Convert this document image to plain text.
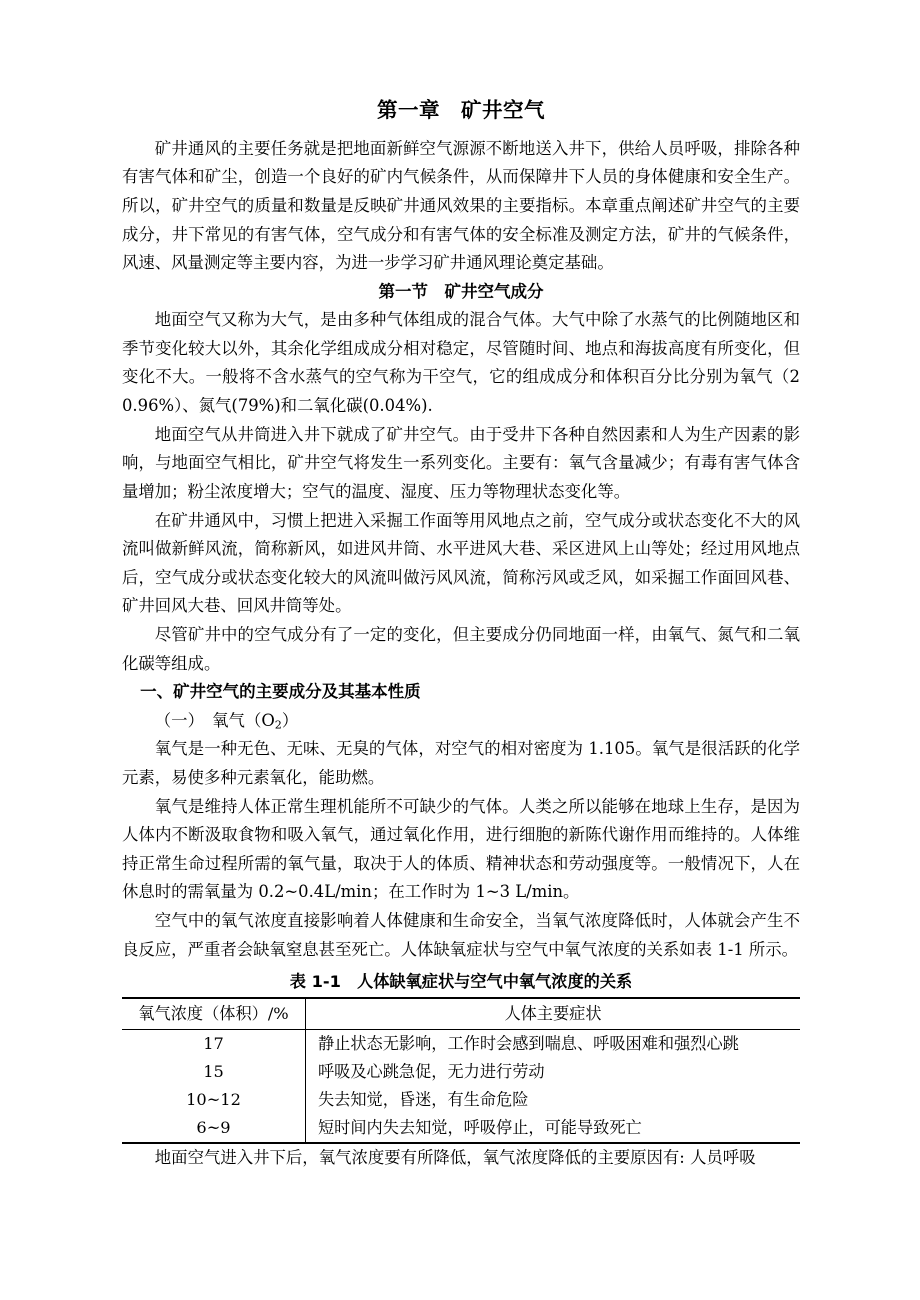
第一章　矿井空气

矿井通风的主要任务就是把地面新鲜空气源源不断地送入井下，供给人员呼吸，排除各种有害气体和矿尘，创造一个良好的矿内气候条件，从而保障井下人员的身体健康和安全生产。所以，矿井空气的质量和数量是反映矿井通风效果的主要指标。本章重点阐述矿井空气的主要成分，井下常见的有害气体，空气成分和有害气体的安全标准及测定方法，矿井的气候条件，风速、风量测定等主要内容，为进一步学习矿井通风理论奠定基础。

第一节　矿井空气成分

地面空气又称为大气，是由多种气体组成的混合气体。大气中除了水蒸气的比例随地区和季节变化较大以外，其余化学组成成分相对稳定，尽管随时间、地点和海拔高度有所变化，但变化不大。一般将不含水蒸气的空气称为干空气，它的组成成分和体积百分比分别为氧气（20.96%）、氮气(79%)和二氧化碳(0.04%).

地面空气从井筒进入井下就成了矿井空气。由于受井下各种自然因素和人为生产因素的影响，与地面空气相比，矿井空气将发生一系列变化。主要有：氧气含量减少；有毒有害气体含量增加；粉尘浓度增大；空气的温度、湿度、压力等物理状态变化等。

在矿井通风中，习惯上把进入采掘工作面等用风地点之前，空气成分或状态变化不大的风流叫做新鲜风流，简称新风，如进风井筒、水平进风大巷、采区进风上山等处；经过用风地点后，空气成分或状态变化较大的风流叫做污风风流，简称污风或乏风，如采掘工作面回风巷、矿井回风大巷、回风井筒等处。

尽管矿井中的空气成分有了一定的变化，但主要成分仍同地面一样，由氧气、氮气和二氧化碳等组成。

一、矿井空气的主要成分及其基本性质

（一）　氧气$(O_2)$

氧气是一种无色、无味、无臭的气体，对空气的相对密度为 1.105。氧气是很活跃的化学元素，易使多种元素氧化，能助燃。

氧气是维持人体正常生理机能所不可缺少的气体。人类之所以能够在地球上生存，是因为人体内不断汲取食物和吸入氧气，通过氧化作用，进行细胞的新陈代谢作用而维持的。人体维持正常生命过程所需的氧气量，取决于人的体质、精神状态和劳动强度等。一般情况下，人在休息时的需氧量为 0.2~0.4L/min；在工作时为 1~3 L/min。

空气中的氧气浓度直接影响着人体健康和生命安全，当氧气浓度降低时，人体就会产生不良反应，严重者会缺氧窒息甚至死亡。人体缺氧症状与空气中氧气浓度的关系如表 1-1 所示。

表 1-1　人体缺氧症状与空气中氧气浓度的关系
氧气浓度（体积）/%	人体主要症状
17	静止状态无影响，工作时会感到喘息、呼吸困难和强烈心跳
15	呼吸及心跳急促，无力进行劳动
10~12	失去知觉，昏迷，有生命危险
6~9	短时间内失去知觉，呼吸停止，可能导致死亡

地面空气进入井下后，氧气浓度要有所降低，氧气浓度降低的主要原因有: 人员呼吸
